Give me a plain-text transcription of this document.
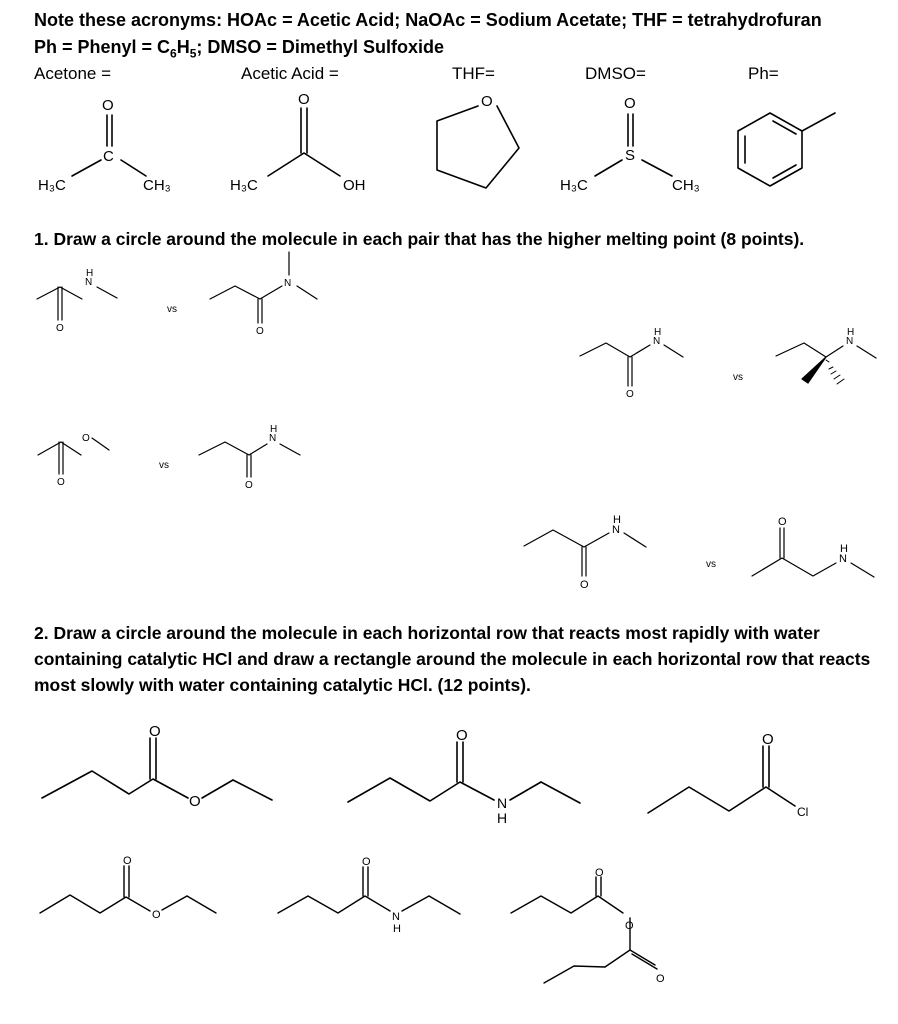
Note these acronyms: HOAc = Acetic Acid; NaOAc = Sodium Acetate; THF = tetrahydrofuran
Ph = Phenyl = $C_6H_5$; DMSO = Dimethyl Sulfoxide
Acetone =	Acetic Acid =	THF=	DMSO=	Ph=
1. Draw a circle around the molecule in each pair that has the higher melting point (8 points).
2. Draw a circle around the molecule in each horizontal row that reacts most rapidly with water containing catalytic HCl and draw a rectangle around the molecule in each horizontal row that reacts most slowly with water containing catalytic HCl. (12 points).
O
C
H₃C	CH₃
O
H₃C	OH
O	O
S
H₃C	CH₃
O
N
H
vs
O
N
O
O
vs
O
N
H
O
N
H
vs
N
H
O
N
H
vs
O
N
H
O
O
O
N
H
O
Cl
O
O
O
N
H
O
O
O
